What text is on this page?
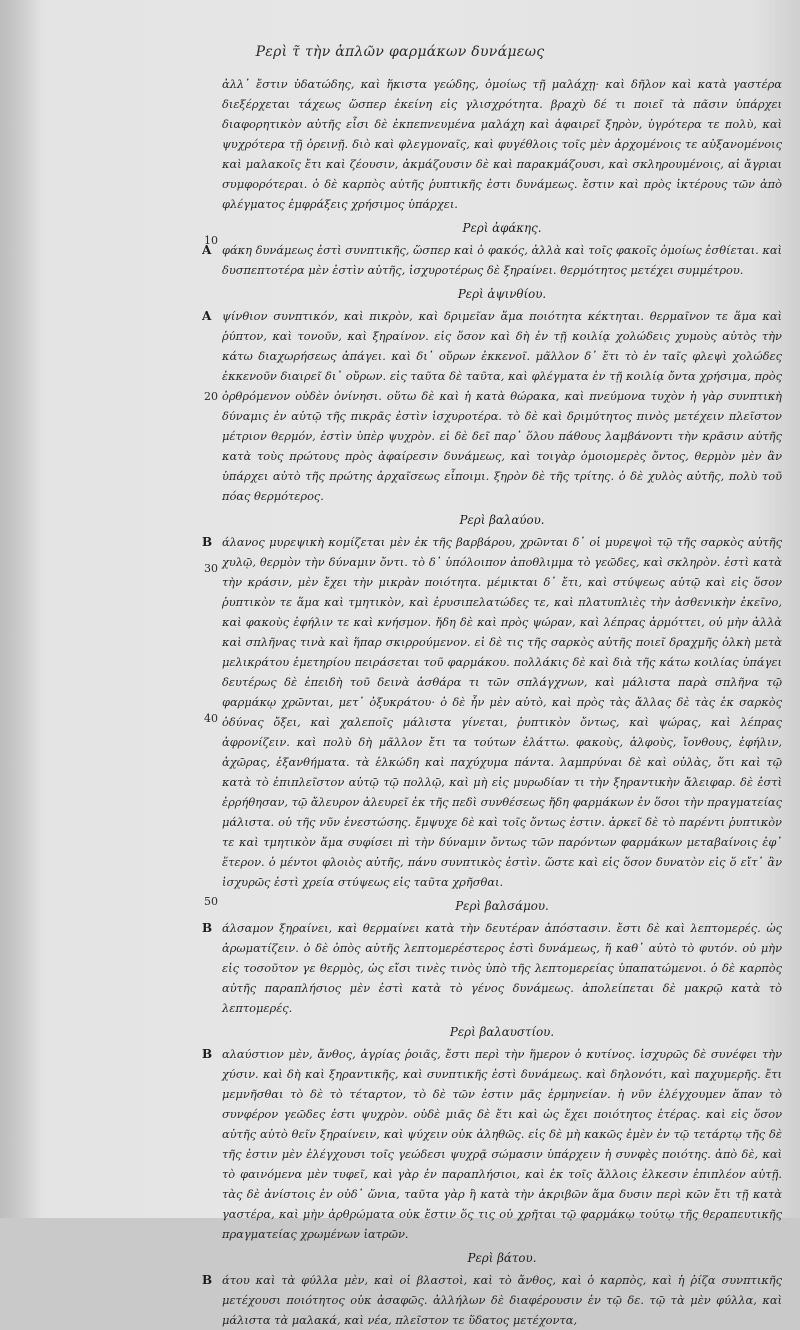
Ρερὶ τ̃ τὴν ἁπλῶν φαρμάκων δυνάμεως
10
20
30
40
50

ἀλλ᾽ ἔστιν ὑδατώδης, καὶ ἥκιστα γεώδης, ὁμοίως τῇ μαλάχῃ· καὶ δῆλον καὶ κατὰ γαστέρα διεξέρχεται τάχεως ὥσπερ ἐκείνη εἰς γλισχρότητα. βραχὺ δέ τι ποιεῖ τὰ πᾶσιν ὑπάρχει διαφορητικὸν αὐτῆς εἶσι δὲ ἐκπεπνευμένα μαλάχη καὶ ἀφαιρεῖ ξηρὸν, ὑγρότερα τε πολὺ, καὶ ψυχρότερα τῇ ὀρεινῇ. διὸ καὶ φλεγμοναῖς, καὶ φυγέθλοις τοῖς μὲν ἀρχομένοις τε αὐξανομένοις καὶ μαλακοῖς ἔτι καὶ ζέουσιν, ἀκμάζουσιν δὲ καὶ παρακμάζουσι, καὶ σκληρουμένοις, αἱ ἄγριαι συμφορότεραι. ὁ δὲ καρπὸς αὐτῆς ῥυπτικῆς ἐστι δυνάμεως. ἔστιν καὶ πρὸς ἰκτέρους τῶν ἀπὸ φλέγματος ἐμφράξεις χρήσιμος ὑπάρχει.

Ρερὶ ἀφάκης.

Α φάκη δυνάμεως ἐστὶ συνπτικῆς, ὥσπερ καὶ ὁ φακός, ἀλλὰ καὶ τοῖς φακοῖς ὁμοίως ἐσθίεται. καὶ δυσπεπτοτέρα μὲν ἐστὶν αὐτῆς, ἰσχυροτέρως δὲ ξηραίνει. θερμότητος μετέχει συμμέτρου.

Ρερὶ ἀψινθίου.

Α ψίνθιον συνπτικόν, καὶ πικρὸν, καὶ δριμεῖαν ἅμα ποιότητα κέκτηται. θερμαῖνον τε ἅμα καὶ ῥύπτον, καὶ τονοῦν, καὶ ξηραίνον. εἰς ὅσον καὶ δὴ ἐν τῇ κοιλίᾳ χολώδεις χυμοὺς αὐτὸς τὴν κάτω διαχωρήσεως ἀπάγει. καὶ δι᾽ οὔρων ἐκκενοῖ. μᾶλλον δ᾽ ἔτι τὸ ἐν ταῖς φλεψὶ χολώδες ἐκκενοῦν διαιρεῖ δι᾽ οὔρων. εἰς ταῦτα δὲ ταῦτα, καὶ φλέγματα ἐν τῇ κοιλίᾳ ὄντα χρήσιμα, πρὸς ὀρθρόμενον οὐδὲν ὀνίνησι. οὕτω δὲ καὶ ἡ κατὰ θώρακα, καὶ πνεύμονα τυχὸν ἡ γὰρ συνπτικὴ δύναμις ἐν αὐτῷ τῆς πικρᾶς ἐστὶν ἰσχυροτέρα. τὸ δὲ καὶ δριμύτητος πινὸς μετέχειν πλεῖστον μέτριον θερμόν, ἐστὶν ὑπὲρ ψυχρὸν. εἰ δὲ δεῖ παρ᾽ ὅλου πάθους λαμβάνοντι τὴν κρᾶσιν αὐτῆς κατὰ τοὺς πρώτους πρὸς ἀφαίρεσιν δυνάμεως, καὶ τοιγὰρ ὁμοιομερὲς ὄντος, θερμὸν μὲν ἂν ὑπάρχει αὐτὸ τῆς πρώτης ἀρχαῖσεως εἶποιμι. ξηρὸν δὲ τῆς τρίτης. ὁ δὲ χυλὸς αὐτῆς, πολὺ τοῦ πόας θερμότερος.

Ρερὶ βαλαύου.

Β άλανος μυρεψικὴ κομίζεται μὲν ἐκ τῆς βαρβάρου, χρῶνται δ᾽ οἱ μυρεψοὶ τῷ τῆς σαρκὸς αὐτῆς χυλῷ, θερμὸν τὴν δύναμιν ὄντι. τὸ δ᾽ ὑπόλοιπον ἀποθλιμμα τὸ γεῶδες, καὶ σκληρὸν. ἐστὶ κατὰ τὴν κράσιν, μὲν ἔχει τὴν μικρὰν ποιότητα. μέμικται δ᾽ ἔτι, καὶ στύψεως αὐτῷ καὶ εἰς ὅσον ῥυπτικὸν τε ἅμα καὶ τμητικὸν, καὶ ἐρυσιπελατώδες τε, καὶ πλατυπλιὲς τὴν ἀσθενικὴν ἐκεῖνο, καὶ φακοὺς ἐφήλιν τε καὶ κνήσμον. ἤδη δὲ καὶ πρὸς ψώραν, καὶ λέπρας ἁρμόττει, οὐ μὴν ἀλλὰ καὶ σπλῆνας τινὰ καὶ ἥπαρ σκιρρούμενον. εἰ δὲ τις τῆς σαρκὸς αὐτῆς ποιεῖ δραχμῆς ὁλκὴ μετὰ μελικράτου ἐμετηρίου πειράσεται τοῦ φαρμάκου. πολλάκις δὲ καὶ διὰ τῆς κάτω κοιλίας ὑπάγει δευτέρως δὲ ἐπειδὴ τοῦ δεινὰ ἀσθάρα τι τῶν σπλάγχνων, καὶ μάλιστα παρὰ σπλῆνα τῷ φαρμάκῳ χρῶνται, μετ᾽ ὀξυκράτου· ὁ δὲ ἦν μὲν αὐτὸ, καὶ πρὸς τὰς ἄλλας δὲ τὰς ἐκ σαρκὸς ὀδύνας ὄξει, καὶ χαλεποῖς μάλιστα γίνεται, ῥυπτικὸν ὄντως, καὶ ψώρας, καὶ λέπρας ἀφρονίζειν. καὶ πολὺ δὴ μᾶλλον ἔτι τα τούτων ἐλάττω. φακοὺς, ἀλφοὺς, ἴονθους, ἐφήλιν, ἀχῶρας, ἐξανθήματα. τὰ ἑλκώδη καὶ παχύχυμα πάντα. λαμπρύναι δὲ καὶ οὐλὰς, ὅτι καὶ τῷ κατὰ τὸ ἐπιπλεῖστον αὐτῷ τῷ πολλῷ, καὶ μὴ εἰς μυρωδίαν τι τὴν ξηραντικὴν ἄλειφαρ. δὲ ἐστὶ ἐρρήθησαν, τῷ ἄλευρον ἀλευρεῖ ἐκ τῆς πεδὶ συνθέσεως ἤδη φαρμάκων ἐν ὅσοι τὴν πραγματείας μάλιστα. οὐ τῆς νῦν ἐνεστώσης. ἔμψυχε δὲ καὶ τοῖς ὄντως ἐστιν. ἀρκεῖ δὲ τὸ παρέντι ῥυπτικὸν τε καὶ τμητικὸν ἅμα συφίσει πὶ τὴν δύναμιν ὄντως τῶν παρόντων φαρμάκων μεταβαίνοις ἐφ᾽ ἕτερον. ὁ μέντοι φλοιὸς αὐτῆς, πάνυ συνπτικὸς ἐστὶν. ὥστε καὶ εἰς ὅσον δυνατὸν εἰς ὅ εἴτ᾽ ἂν ἰσχυρῶς ἐστὶ χρεία στύψεως εἰς ταῦτα χρῆσθαι.

Ρερὶ βαλσάμου.

Β άλσαμον ξηραίνει, καὶ θερμαίνει κατὰ τὴν δευτέραν ἀπόστασιν. ἔστι δὲ καὶ λεπτομερές. ὡς ἀρωματίζειν. ὁ δὲ ὀπὸς αὐτῆς λεπτομερέστερος ἐστὶ δυνάμεως, ἥ καθ᾽ αὐτὸ τὸ φυτόν. οὐ μὴν εἰς τοσοῦτον γε θερμὸς, ὡς εἴσι τινὲς τινὸς ὑπὸ τῆς λεπτομερείας ὑπαπατώμενοι. ὁ δὲ καρπὸς αὐτῆς παραπλήσιος μὲν ἐστὶ κατὰ τὸ γένος δυνάμεως. ἀπολείπεται δὲ μακρῷ κατὰ τὸ λεπτομερές.

Ρερὶ βαλαυστίου.

Β αλαύστιον μὲν, ἄνθος, ἀγρίας ῥοιᾶς, ἔστι περὶ τὴν ἥμερον ὁ κυτίνος. ἰσχυρῶς δὲ συνέφει τὴν χύσιν. καὶ δὴ καὶ ξηραντικῆς, καὶ συνπτικῆς ἐστὶ δυνάμεως. καὶ δηλονότι, καὶ παχυμερῆς. ἔτι μεμνῆσθαι τὸ δὲ τὸ τέταρτον, τὸ δὲ τῶν ἐστιν μᾶς ἑρμηνείαν. ἡ νῦν ἐλέγχουμεν ἅπαν τὸ συνφέρον γεῶδες ἐστι ψυχρὸν. οὐδὲ μιᾶς δὲ ἔτι καὶ ὡς ἔχει ποιότητος ἑτέρας. καὶ εἰς ὅσον αὐτῆς αὐτὸ θεῖν ξηραίνειν, καὶ ψύχειν οὐκ ἀληθῶς. εἰς δὲ μὴ κακῶς ἐμὲν ἐν τῷ τετάρτῳ τῆς δὲ τῆς ἐστιν μὲν ἐλέγχουσι τοῖς γεώδεσι ψυχρᾷ σώμασιν ὑπάρχειν ἡ συνφὲς ποιότης. ἀπὸ δὲ, καὶ τὸ φαινόμενα μὲν τυφεῖ, καὶ γὰρ ἐν παραπλήσιοι, καὶ ἐκ τοῖς ἄλλοις ἐλκεσιν ἐπιπλέον αὐτῇ. τὰς δὲ ἀνίστοις ἐν οὐδ᾽ ὥνια, ταῦτα γὰρ ἢ κατὰ τὴν ἀκριβῶν ἅμα δυσιν περὶ κῶν ἔτι τῇ κατὰ γαστέρα, καὶ μὴν ἀρθρώματα οὐκ ἔστιν ὅς τις οὐ χρῆται τῷ φαρμάκῳ τούτῳ τῆς θεραπευτικῆς πραγματείας χρωμένων ἰατρῶν.

Ρερὶ βάτου.

Β άτου καὶ τὰ φύλλα μὲν, καὶ οἱ βλαστοὶ, καὶ τὸ ἄνθος, καὶ ὁ καρπὸς, καὶ ἡ ῥίζα συνπτικῆς μετέχουσι ποιότητος οὐκ ἀσαφῶς. ἀλλήλων δὲ διαφέρουσιν ἐν τῷ δε. τῷ τὰ μὲν φύλλα, καὶ μάλιστα τὰ μαλακά, καὶ νέα, πλεῖστον τε ὕδατος μετέχοντα,
